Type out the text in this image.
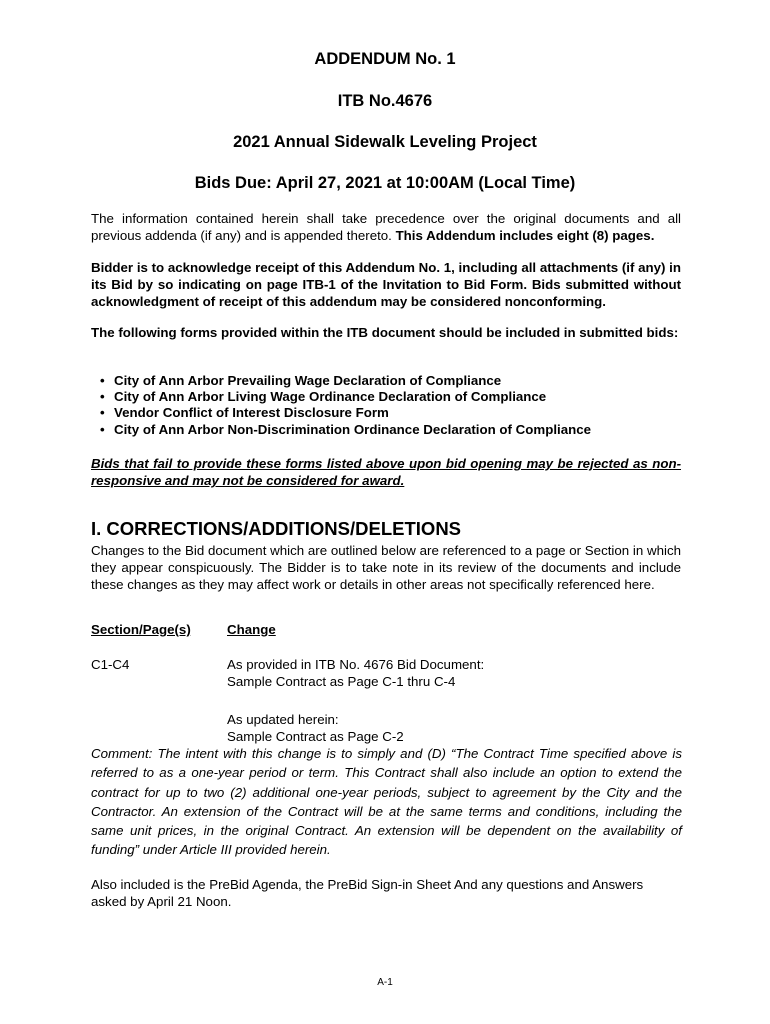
ADDENDUM No. 1

ITB No.4676

2021 Annual Sidewalk Leveling Project

Bids Due: April 27, 2021 at 10:00AM (Local Time)

The information contained herein shall take precedence over the original documents and all previous addenda (if any) and is appended thereto. This Addendum includes eight (8) pages.

Bidder is to acknowledge receipt of this Addendum No. 1, including all attachments (if any) in its Bid by so indicating on page ITB-1 of the Invitation to Bid Form. Bids submitted without acknowledgment of receipt of this addendum may be considered nonconforming.

The following forms provided within the ITB document should be included in submitted bids:

• City of Ann Arbor Prevailing Wage Declaration of Compliance
• City of Ann Arbor Living Wage Ordinance Declaration of Compliance
• Vendor Conflict of Interest Disclosure Form
• City of Ann Arbor Non-Discrimination Ordinance Declaration of Compliance

Bids that fail to provide these forms listed above upon bid opening may be rejected as non-responsive and may not be considered for award.

I. CORRECTIONS/ADDITIONS/DELETIONS

Changes to the Bid document which are outlined below are referenced to a page or Section in which they appear conspicuously. The Bidder is to take note in its review of the documents and include these changes as they may affect work or details in other areas not specifically referenced here.

Section/Page(s)	Change
C1-C4	As provided in ITB No. 4676 Bid Document:
Sample Contract as Page C-1 thru C-4
As updated herein:
Sample Contract as Page C-2

Comment: The intent with this change is to simply and (D) “The Contract Time specified above is referred to as a one-year period or term. This Contract shall also include an option to extend the contract for up to two (2) additional one-year periods, subject to agreement by the City and the Contractor. An extension of the Contract will be at the same terms and conditions, including the same unit prices, in the original Contract. An extension will be dependent on the availability of funding” under Article III provided herein.

Also included is the PreBid Agenda, the PreBid Sign-in Sheet And any questions and Answers asked by April 21 Noon.

A-1
